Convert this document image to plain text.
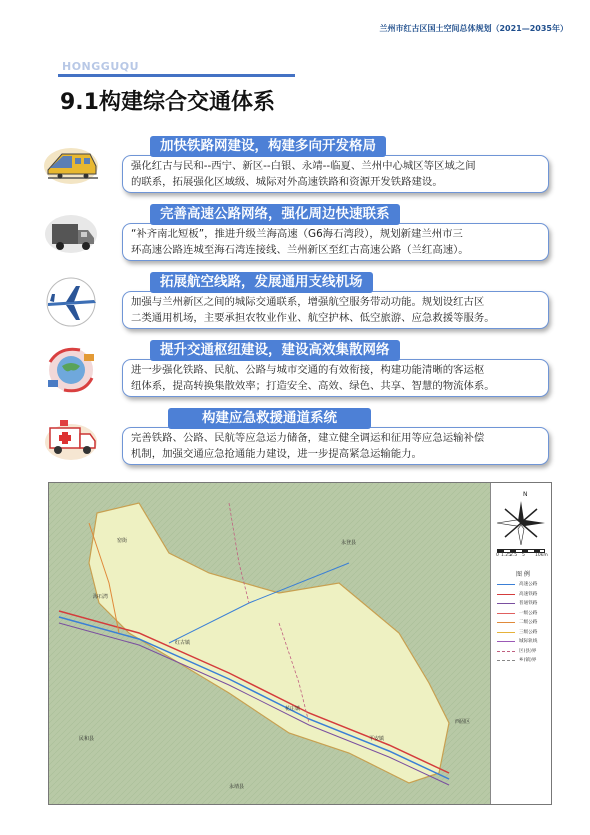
兰州市红古区国土空间总体规划（2021—2035年）
HONGGUQU
9.1构建综合交通体系
强化红古与民和--西宁、新区--白银、永靖--临夏、兰州中心城区等区域之间
的联系，拓展强化区域级、城际对外高速铁路和资源开发铁路建设。
加快铁路网建设，构建多向开发格局
“补齐南北短板”，推进升级兰海高速（G6海石湾段），规划新建兰州市三
环高速公路连城至海石湾连接线、兰州新区至红古高速公路（兰红高速）。
完善高速公路网络，强化周边快速联系
加强与兰州新区之间的城际交通联系，增强航空服务带动功能。规划设红古区
二类通用机场，主要承担农牧业作业、航空护林、低空旅游、应急救援等服务。
拓展航空线路，发展通用支线机场
进一步强化铁路、民航、公路与城市交通的有效衔接，构建功能清晰的客运枢
纽体系，提高转换集散效率；打造安全、高效、绿色、共享、智慧的物流体系。
提升交通枢纽建设，建设高效集散网络
完善铁路、公路、民航等应急运力储备，建立健全调运和征用等应急运输补偿
机制，加强交通应急抢通能力建设，进一步提高紧急运输能力。
构建应急救援通道系统
窑街
海石湾
红古镇
永登县
花庄镇
平安镇
西固区
民和县
永靖县
N
0 1.25
2.5 5 10km
图 例
高速公路
高速铁路
普通铁路
一级公路
二级公路
三级公路
城际轨线
区(县)界
乡(镇)界
